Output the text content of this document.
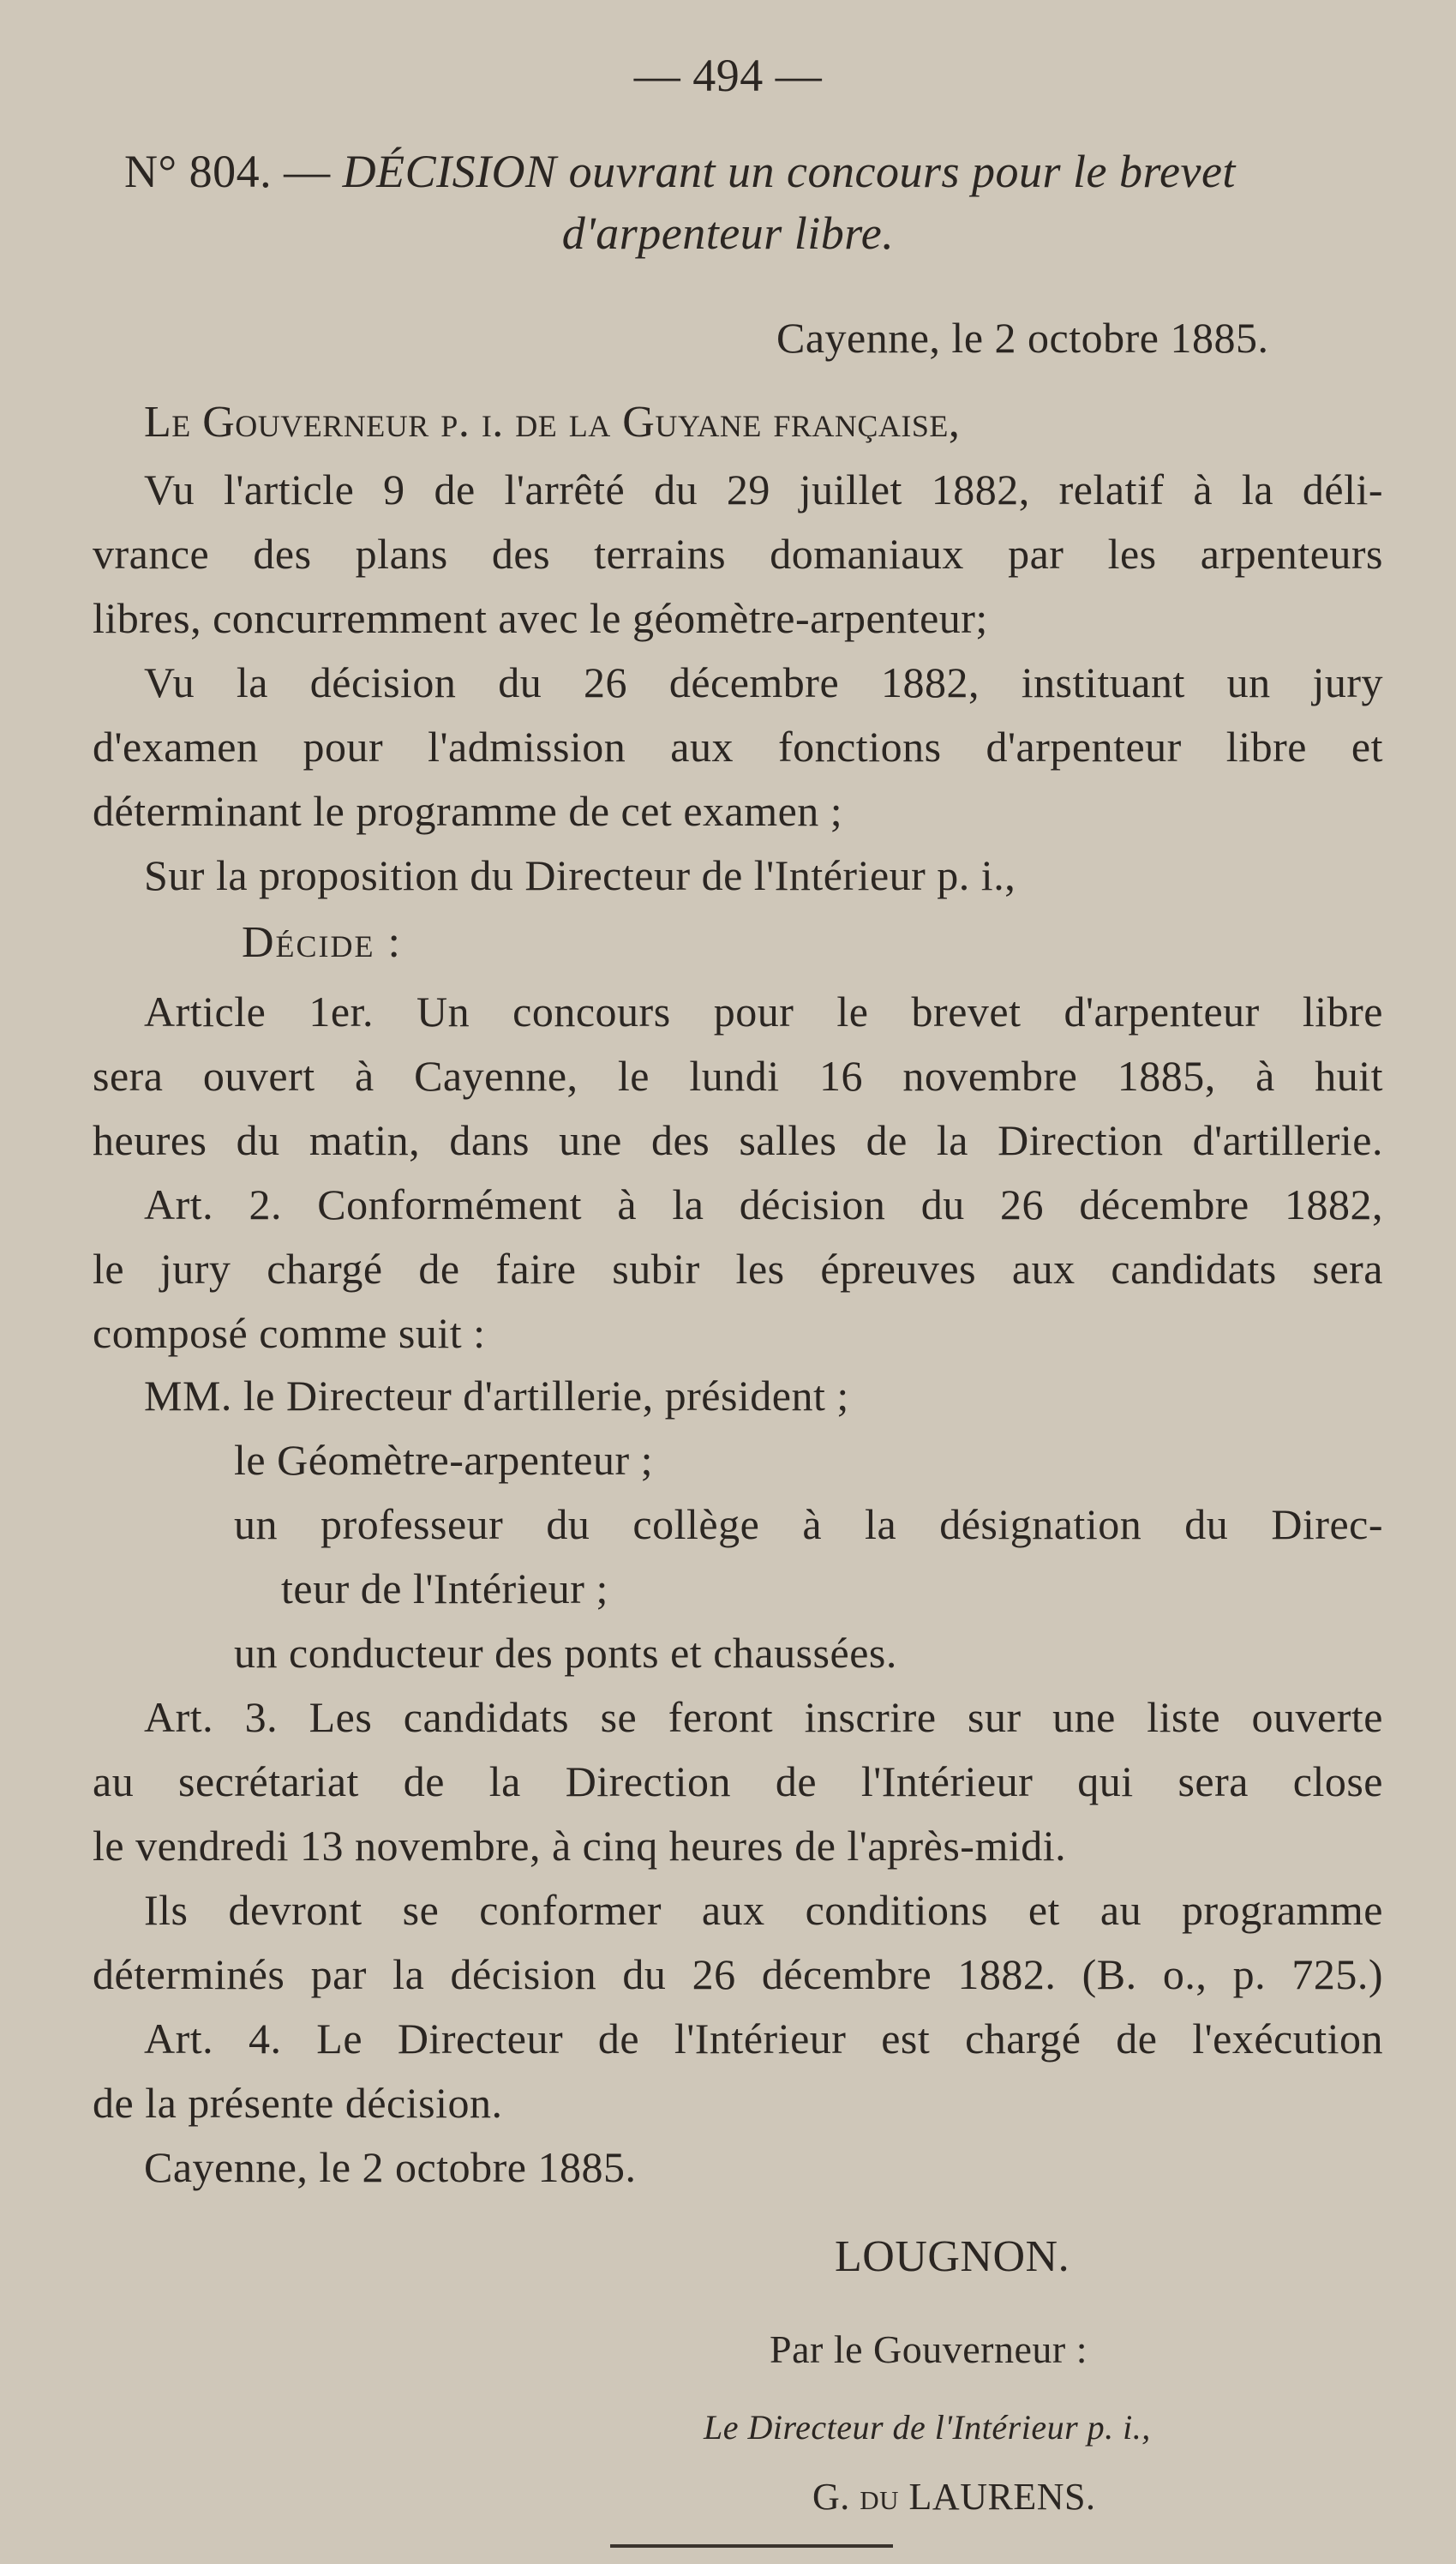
— 494 —
N° 804. — DÉCISION ouvrant un concours pour le brevet
d'arpenteur libre.
Cayenne, le 2 octobre 1885.
Le Gouverneur p. i. de la Guyane française,
Vu l'article 9 de l'arrêté du 29 juillet 1882, relatif à la déli-
vrance des plans des terrains domaniaux par les arpenteurs
libres, concurremment avec le géomètre-arpenteur;
Vu la décision du 26 décembre 1882, instituant un jury
d'examen pour l'admission aux fonctions d'arpenteur libre et
déterminant le programme de cet examen ;
Sur la proposition du Directeur de l'Intérieur p. i.,
Décide :
Article 1er. Un concours pour le brevet d'arpenteur libre
sera ouvert à Cayenne, le lundi 16 novembre 1885, à huit
heures du matin, dans une des salles de la Direction d'artillerie.
Art. 2. Conformément à la décision du 26 décembre 1882,
le jury chargé de faire subir les épreuves aux candidats sera
composé comme suit :
MM. le Directeur d'artillerie, président ;
le Géomètre-arpenteur ;
un professeur du collège à la désignation du Direc-
teur de l'Intérieur ;
un conducteur des ponts et chaussées.
Art. 3. Les candidats se feront inscrire sur une liste ouverte
au secrétariat de la Direction de l'Intérieur qui sera close
le vendredi 13 novembre, à cinq heures de l'après-midi.
Ils devront se conformer aux conditions et au programme
déterminés par la décision du 26 décembre 1882. (B. o., p. 725.)
Art. 4. Le Directeur de l'Intérieur est chargé de l'exécution
de la présente décision.
Cayenne, le 2 octobre 1885.
LOUGNON.
Par le Gouverneur :
Le Directeur de l'Intérieur p. i.,
G. du LAURENS.
